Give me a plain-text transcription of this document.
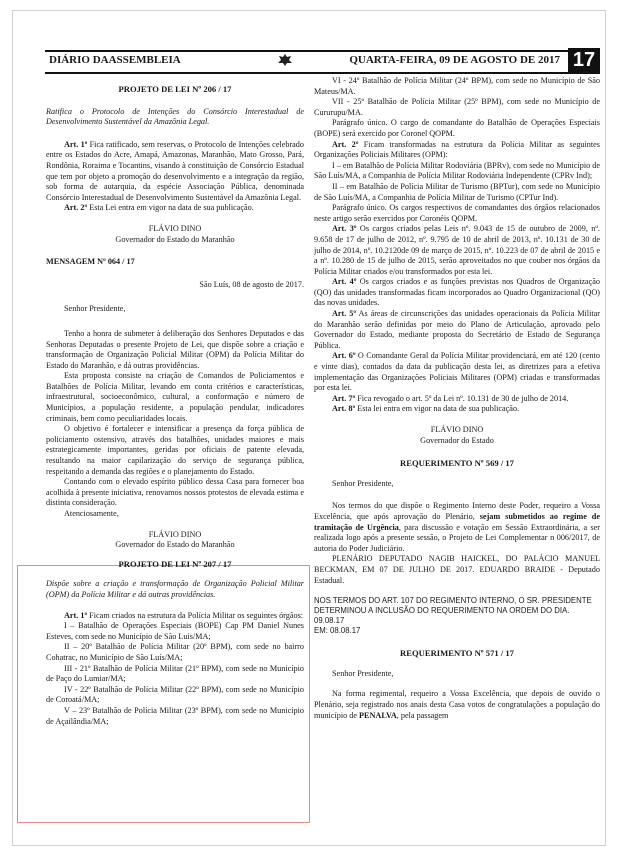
DIÁRIO DAASSEMBLEIA	QUARTA-FEIRA, 09 DE AGOSTO DE 2017 17

PROJETO DE LEI Nº 206 / 17

Ratifica o Protocolo de Intenções do Consórcio Interestadual de Desenvolvimento Sustentável da Amazônia Legal.

Art. 1º Fica ratificado, sem reservas, o Protocolo de Intenções celebrado entre os Estados do Acre, Amapá, Amazonas, Maranhão, Mato Grosso, Pará, Rondônia, Roraima e Tocantins, visando à constituição de Consórcio Estadual que tem por objeto a promoção do desenvolvimento e a integração da região, sob forma de autarquia, da espécie Associação Pública, denominada Consórcio Interestadual de Desenvolvimento Sustentável da Amazônia Legal.

Art. 2º Esta Lei entra em vigor na data de sua publicação.

FLÁVIO DINO

Governador do Estado do Maranhão

MENSAGEM Nº 064 / 17

São Luís, 08 de agosto de 2017.

Senhor Presidente,

Tenho a honra de submeter à deliberação dos Senhores Deputados e das Senhoras Deputadas o presente Projeto de Lei, que dispõe sobre a criação e transformação de Organização Policial Militar (OPM) da Polícia Militar do Estado do Maranhão, e dá outras providências.

Esta proposta consiste na criação de Comandos de Policiamentos e Batalhões de Polícia Militar, levando em conta critérios e características, infraestrutural, socioeconômico, cultural, a conformação e número de Municípios, a população residente, a população pendular, indicadores criminais, bem como peculiaridades locais.

O objetivo é fortalecer e intensificar a presença da força pública de policiamento ostensivo, através dos batalhões, unidades maiores e mais estrategicamente importantes, geridas por oficiais de patente elevada, resultando na maior capilarização do serviço de segurança pública, respeitando a demanda das regiões e o planejamento do Estado.

Contando com o elevado espírito público dessa Casa para fornecer boa acolhida à presente iniciativa, renovamos nossos protestos de elevada estima e distinta consideração.

Atenciosamente,

FLÁVIO DINO

Governador do Estado do Maranhão

PROJETO DE LEI Nº 207 / 17

Dispõe sobre a criação e transformação de Organização Policial Militar (OPM) da Polícia Militar e dá outras providências.

Art. 1º Ficam criados na estrutura da Polícia Militar os seguintes órgãos:

I – Batalhão de Operações Especiais (BOPE) Cap PM Daniel Nunes Esteves, com sede no Município de São Luís/MA;

II – 20º Batalhão de Polícia Militar (20º BPM), com sede no bairro Cohatrac, no Município de São Luís/MA;

III - 21º Batalhão de Polícia Militar (21º BPM), com sede no Município de Paço do Lumiar/MA;

IV - 22º Batalhão de Polícia Militar (22º BPM), com sede no Município de Coroatá/MA;

V – 23º Batalhão de Polícia Militar (23º BPM), com sede no Município de Açailândia/MA;

VI - 24º Batalhão de Polícia Militar (24º BPM), com sede no Município de São Mateus/MA.

VII - 25º Batalhão de Polícia Militar (25º BPM), com sede no Município de Cururupu/MA.

Parágrafo único. O cargo de comandante do Batalhão de Operações Especiais (BOPE) será exercido por Coronel QOPM.

Art. 2º Ficam transformadas na estrutura da Polícia Militar as seguintes Organizações Policiais Militares (OPM):

I – em Batalhão de Polícia Militar Rodoviária (BPRv), com sede no Município de São Luís/MA, a Companhia de Polícia Militar Rodoviária Independente (CPRv Ind);

II – em Batalhão de Polícia Militar de Turismo (BPTur), com sede no Município de São Luís/MA, a Companhia de Polícia Militar de Turismo (CPTur Ind).

Parágrafo único. Os cargos respectivos de comandantes dos órgãos relacionados neste artigo serão exercidos por Coronéis QOPM.

Art. 3º Os cargos criados pelas Leis nº. 9.043 de 15 de outubro de 2009, nº. 9.658 de 17 de julho de 2012, nº. 9.795 de 10 de abril de 2013, nº. 10.131 de 30 de julho de 2014, nº. 10.2120de 09 de março de 2015, nº. 10.223 de 07 de abril de 2015 e a nº. 10.280 de 15 de julho de 2015, serão aproveitados no que couber nos órgãos da Polícia Militar criados e/ou transformados por esta lei.

Art. 4º Os cargos criados e as funções previstas nos Quadros de Organização (QO) das unidades transformadas ficam incorporados ao Quadro Organizacional (QO) das novas unidades.

Art. 5º As áreas de circunscrições das unidades operacionais da Polícia Militar do Maranhão serão definidas por meio do Plano de Articulação, aprovado pelo Governador do Estado, mediante proposta do Secretário de Estado de Segurança Pública.

Art. 6º O Comandante Geral da Polícia Militar providenciará, em até 120 (cento e vinte dias), contados da data da publicação desta lei, as diretrizes para a efetiva implementação das Organizações Policiais Militares (OPM) criadas e transformadas por esta lei.

Art. 7º Fica revogado o art. 5º da Lei nº. 10.131 de 30 de julho de 2014.

Art. 8º Esta lei entra em vigor na data de sua publicação.

FLÁVIO DINO

Governador do Estado

REQUERIMENTO Nº 569 / 17

Senhor Presidente,

Nos termos do que dispõe o Regimento Interno deste Poder, requeiro a Vossa Excelência, que após aprovação do Plenário, sejam submetidos ao regime de tramitação de Urgência, para discussão e votação em Sessão Extraordinária, a ser realizada logo após a presente sessão, o Projeto de Lei Complementar n 006/2017, de autoria do Poder Judiciário.

PLENÁRIO DEPUTADO NAGIB HAICKEL, DO PALÁCIO MANUEL BECKMAN, EM 07 DE JULHO DE 2017. EDUARDO BRAIDE - Deputado Estadual.

NOS TERMOS DO ART. 107 DO REGIMENTO INTERNO, O SR. PRESIDENTE DETERMINOU A INCLUSÃO DO REQUERIMENTO NA ORDEM DO DIA. 09.08.17

EM: 08.08.17

REQUERIMENTO Nº 571 / 17

Senhor Presidente,

Na forma regimental, requeiro a Vossa Excelência, que depois de ouvido o Plenário, seja registrado nos anais desta Casa votos de congratulações a população do município de PENALVA, pela passagem
